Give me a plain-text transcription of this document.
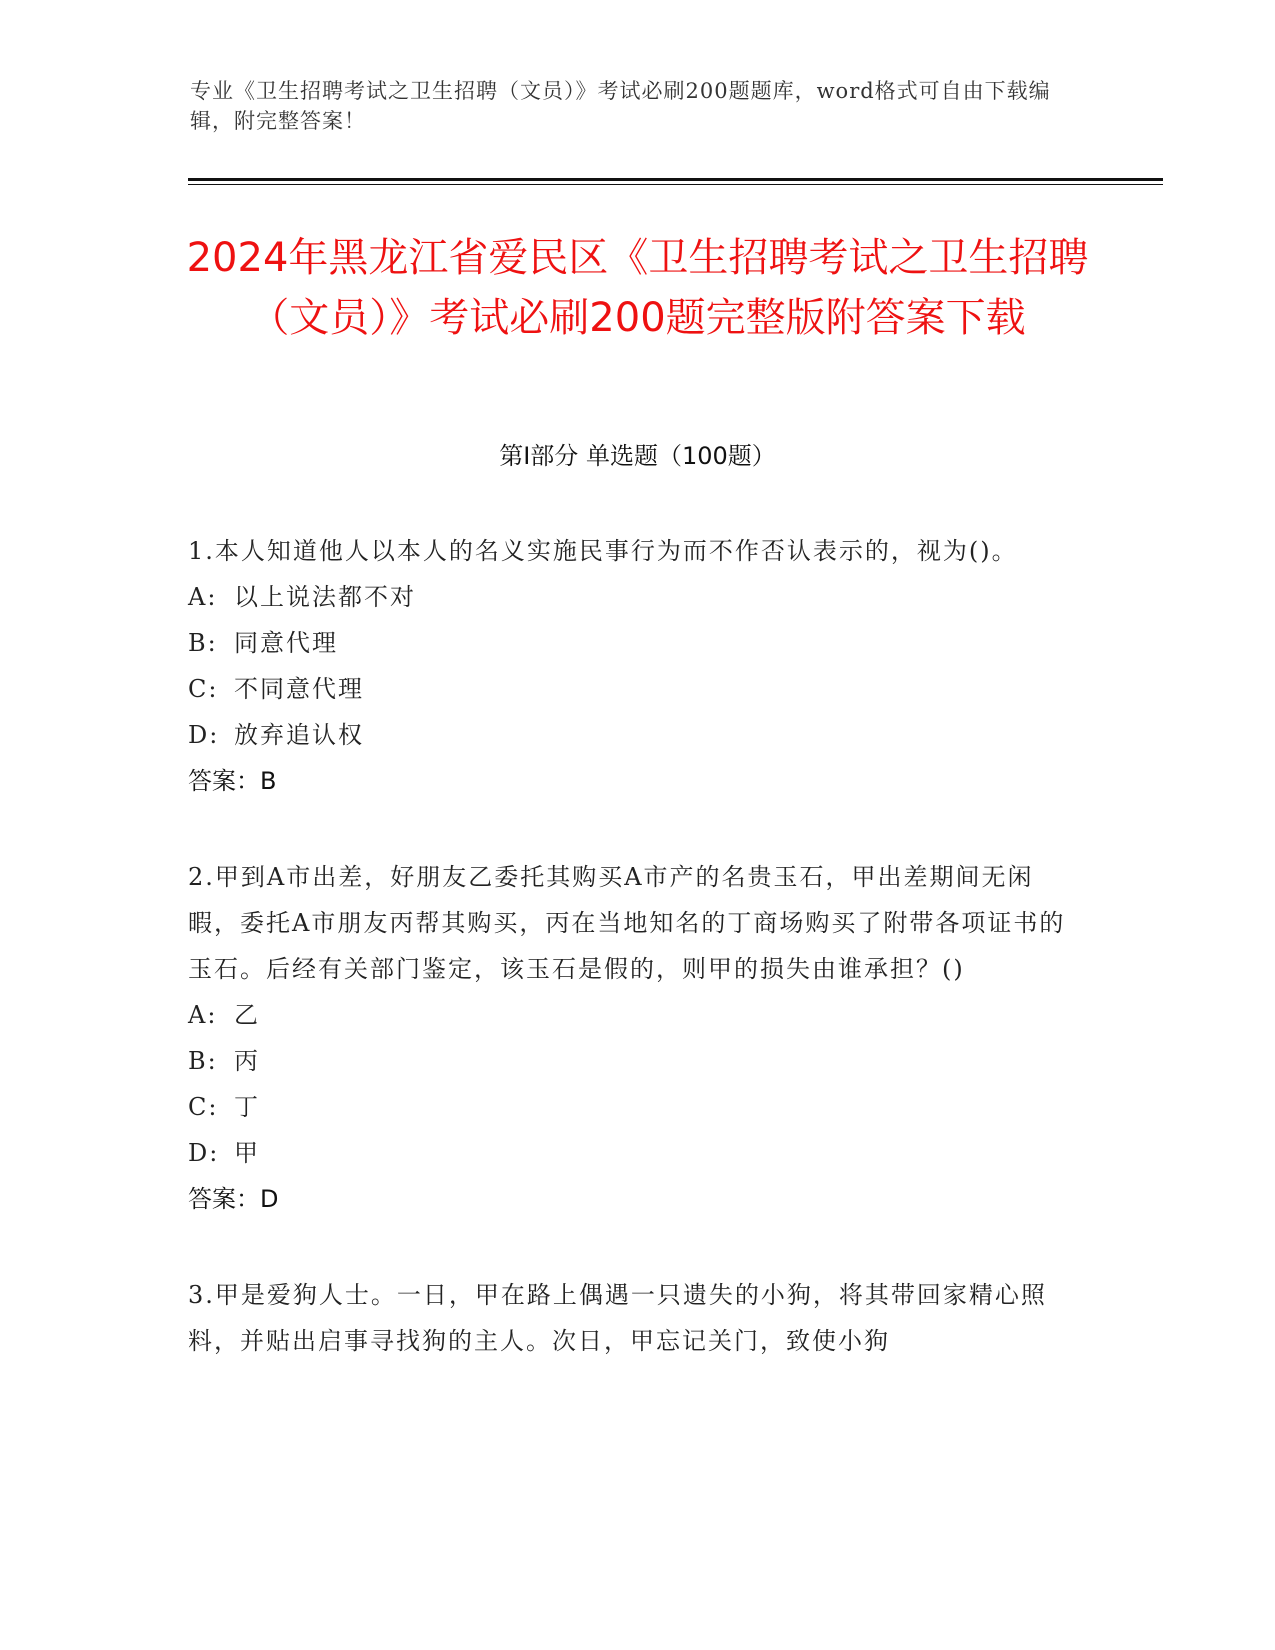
专业《卫生招聘考试之卫生招聘（文员）》考试必刷200题题库，word格式可自由下载编辑，附完整答案！
2024年黑龙江省爱民区《卫生招聘考试之卫生招聘（文员）》考试必刷200题完整版附答案下载
第I部分 单选题（100题）
1.本人知道他人以本人的名义实施民事行为而不作否认表示的，视为()。
A: 以上说法都不对
B: 同意代理
C: 不同意代理
D: 放弃追认权
答案：B
2.甲到A市出差，好朋友乙委托其购买A市产的名贵玉石，甲出差期间无闲暇，委托A市朋友丙帮其购买，丙在当地知名的丁商场购买了附带各项证书的玉石。后经有关部门鉴定，该玉石是假的，则甲的损失由谁承担？()
A: 乙
B: 丙
C: 丁
D: 甲
答案：D
3.甲是爱狗人士。一日，甲在路上偶遇一只遗失的小狗，将其带回家精心照料，并贴出启事寻找狗的主人。次日，甲忘记关门，致使小狗
